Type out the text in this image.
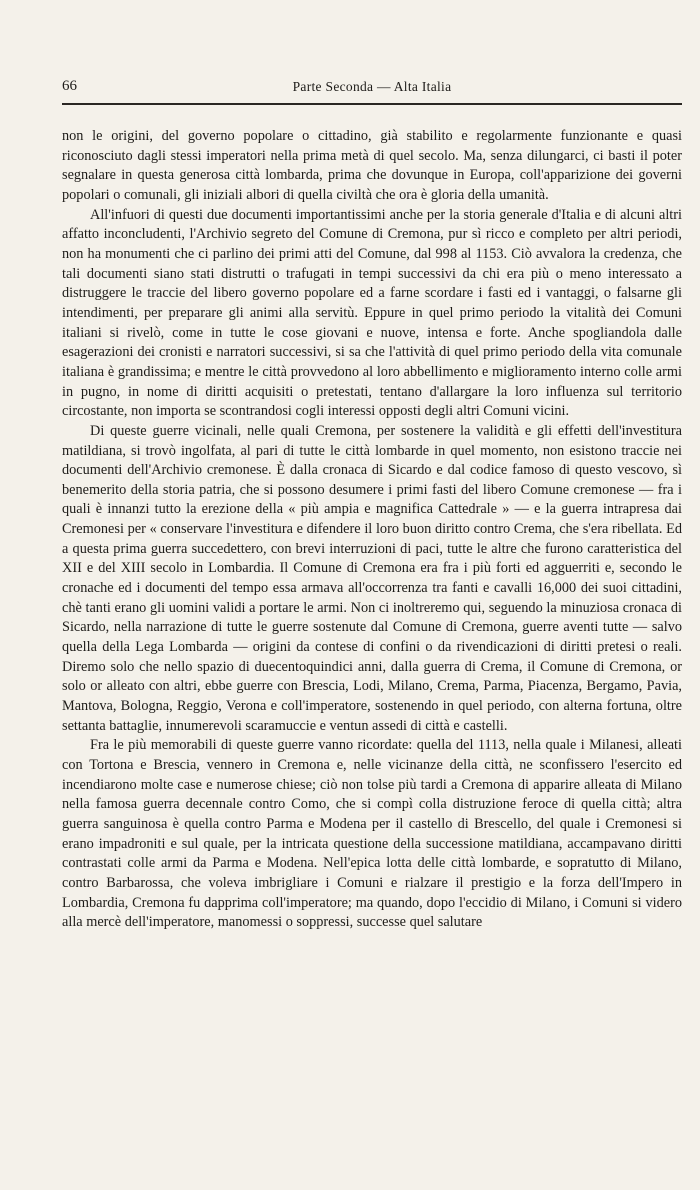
66	Parte Seconda — Alta Italia

non le origini, del governo popolare o cittadino, già stabilito e regolarmente funzionante e quasi riconosciuto dagli stessi imperatori nella prima metà di quel secolo. Ma, senza dilungarci, ci basti il poter segnalare in questa generosa città lombarda, prima che dovunque in Europa, coll'apparizione dei governi popolari o comunali, gli iniziali albori di quella civiltà che ora è gloria della umanità.

All'infuori di questi due documenti importantissimi anche per la storia generale d'Italia e di alcuni altri affatto inconcludenti, l'Archivio segreto del Comune di Cremona, pur sì ricco e completo per altri periodi, non ha monumenti che ci parlino dei primi atti del Comune, dal 998 al 1153. Ciò avvalora la credenza, che tali documenti siano stati distrutti o trafugati in tempi successivi da chi era più o meno interessato a distruggere le traccie del libero governo popolare ed a farne scordare i fasti ed i vantaggi, o falsarne gli intendimenti, per preparare gli animi alla servitù. Eppure in quel primo periodo la vitalità dei Comuni italiani si rivelò, come in tutte le cose giovani e nuove, intensa e forte. Anche spogliandola dalle esagerazioni dei cronisti e narratori successivi, si sa che l'attività di quel primo periodo della vita comunale italiana è grandissima; e mentre le città provvedono al loro abbellimento e miglioramento interno colle armi in pugno, in nome di diritti acquisiti o pretestati, tentano d'allargare la loro influenza sul territorio circostante, non importa se scontrandosi cogli interessi opposti degli altri Comuni vicini.

Di queste guerre vicinali, nelle quali Cremona, per sostenere la validità e gli effetti dell'investitura matildiana, si trovò ingolfata, al pari di tutte le città lombarde in quel momento, non esistono traccie nei documenti dell'Archivio cremonese. È dalla cronaca di Sicardo e dal codice famoso di questo vescovo, sì benemerito della storia patria, che si possono desumere i primi fasti del libero Comune cremonese — fra i quali è innanzi tutto la erezione della « più ampia e magnifica Cattedrale » — e la guerra intrapresa dai Cremonesi per « conservare l'investitura e difendere il loro buon diritto contro Crema, che s'era ribellata. Ed a questa prima guerra succedettero, con brevi interruzioni di paci, tutte le altre che furono caratteristica del XII e del XIII secolo in Lombardia. Il Comune di Cremona era fra i più forti ed agguerriti e, secondo le cronache ed i documenti del tempo essa armava all'occorrenza tra fanti e cavalli 16,000 dei suoi cittadini, chè tanti erano gli uomini validi a portare le armi. Non ci inoltreremo qui, seguendo la minuziosa cronaca di Sicardo, nella narrazione di tutte le guerre sostenute dal Comune di Cremona, guerre aventi tutte — salvo quella della Lega Lombarda — origini da contese di confini o da rivendicazioni di diritti pretesi o reali. Diremo solo che nello spazio di duecentoquindici anni, dalla guerra di Crema, il Comune di Cremona, or solo or alleato con altri, ebbe guerre con Brescia, Lodi, Milano, Crema, Parma, Piacenza, Bergamo, Pavia, Mantova, Bologna, Reggio, Verona e coll'imperatore, sostenendo in quel periodo, con alterna fortuna, oltre settanta battaglie, innumerevoli scaramuccie e ventun assedi di città e castelli.

Fra le più memorabili di queste guerre vanno ricordate: quella del 1113, nella quale i Milanesi, alleati con Tortona e Brescia, vennero in Cremona e, nelle vicinanze della città, ne sconfissero l'esercito ed incendiarono molte case e numerose chiese; ciò non tolse più tardi a Cremona di apparire alleata di Milano nella famosa guerra decennale contro Como, che si compì colla distruzione feroce di quella città; altra guerra sanguinosa è quella contro Parma e Modena per il castello di Brescello, del quale i Cremonesi si erano impadroniti e sul quale, per la intricata questione della successione matildiana, accampavano diritti contrastati colle armi da Parma e Modena. Nell'epica lotta delle città lombarde, e sopratutto di Milano, contro Barbarossa, che voleva imbrigliare i Comuni e rialzare il prestigio e la forza dell'Impero in Lombardia, Cremona fu dapprima coll'imperatore; ma quando, dopo l'eccidio di Milano, i Comuni si videro alla mercè dell'imperatore, manomessi o soppressi, successe quel salutare
